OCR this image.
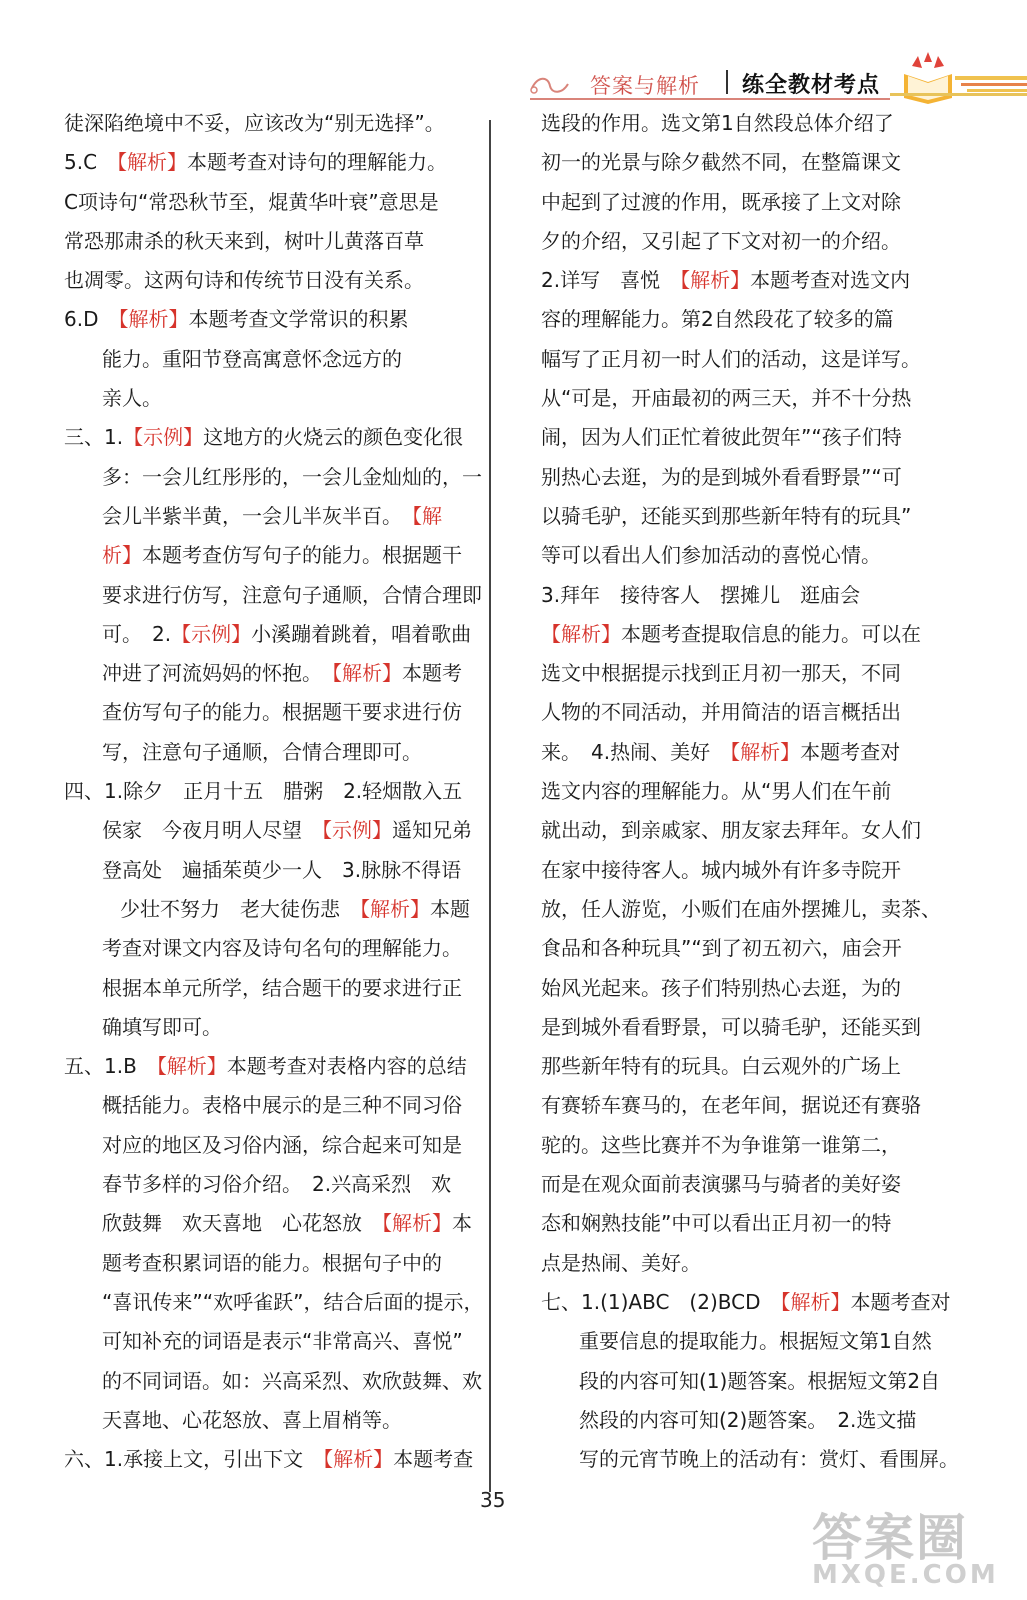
答案与解析 练全教材考点
徒深陷绝境中不妥，应该改为“别无选择”。
5.C　【解析】本题考查对诗句的理解能力。
C项诗句“常恐秋节至，焜黄华叶衰”意思是
常恐那肃杀的秋天来到，树叶儿黄落百草
也凋零。这两句诗和传统节日没有关系。
6.D　【解析】本题考查文学常识的积累
能力。重阳节登高寓意怀念远方的
亲人。
三、1.【示例】这地方的火烧云的颜色变化很
多：一会儿红彤彤的，一会儿金灿灿的，一
会儿半紫半黄，一会儿半灰半百。　【解
析】本题考查仿写句子的能力。根据题干
要求进行仿写，注意句子通顺，合情合理即
可。　2.【示例】小溪蹦着跳着，唱着歌曲
冲进了河流妈妈的怀抱。　【解析】本题考
查仿写句子的能力。根据题干要求进行仿
写，注意句子通顺，合情合理即可。
四、1.除夕　正月十五　腊粥　2.轻烟散入五
侯家　今夜月明人尽望　【示例】遥知兄弟
登高处　遍插茱萸少一人　3.脉脉不得语
少壮不努力　老大徒伤悲　【解析】本题
考查对课文内容及诗句名句的理解能力。
根据本单元所学，结合题干的要求进行正
确填写即可。
五、1.B　【解析】本题考查对表格内容的总结
概括能力。表格中展示的是三种不同习俗
对应的地区及习俗内涵，综合起来可知是
春节多样的习俗介绍。　2.兴高采烈　欢
欣鼓舞　欢天喜地　心花怒放　【解析】本
题考查积累词语的能力。根据句子中的
“喜讯传来”“欢呼雀跃”，结合后面的提示，
可知补充的词语是表示“非常高兴、喜悦”
的不同词语。如：兴高采烈、欢欣鼓舞、欢
天喜地、心花怒放、喜上眉梢等。
六、1.承接上文，引出下文　【解析】本题考查
选段的作用。选文第1自然段总体介绍了
初一的光景与除夕截然不同，在整篇课文
中起到了过渡的作用，既承接了上文对除
夕的介绍，又引起了下文对初一的介绍。
2.详写　喜悦　【解析】本题考查对选文内
容的理解能力。第2自然段花了较多的篇
幅写了正月初一时人们的活动，这是详写。
从“可是，开庙最初的两三天，并不十分热
闹，因为人们正忙着彼此贺年”“孩子们特
别热心去逛，为的是到城外看看野景”“可
以骑毛驴，还能买到那些新年特有的玩具”
等可以看出人们参加活动的喜悦心情。
3.拜年　接待客人　摆摊儿　逛庙会
【解析】本题考查提取信息的能力。可以在
选文中根据提示找到正月初一那天，不同
人物的不同活动，并用简洁的语言概括出
来。　4.热闹、美好　【解析】本题考查对
选文内容的理解能力。从“男人们在午前
就出动，到亲戚家、朋友家去拜年。女人们
在家中接待客人。城内城外有许多寺院开
放，任人游览，小贩们在庙外摆摊儿，卖茶、
食品和各种玩具”“到了初五初六，庙会开
始风光起来。孩子们特别热心去逛，为的
是到城外看看野景，可以骑毛驴，还能买到
那些新年特有的玩具。白云观外的广场上
有赛轿车赛马的，在老年间，据说还有赛骆
驼的。这些比赛并不为争谁第一谁第二，
而是在观众面前表演骡马与骑者的美好姿
态和娴熟技能”中可以看出正月初一的特
点是热闹、美好。
七、1.(1)ABC　(2)BCD　【解析】本题考查对
重要信息的提取能力。根据短文第1自然
段的内容可知(1)题答案。根据短文第2自
然段的内容可知(2)题答案。　2.选文描
写的元宵节晚上的活动有：赏灯、看围屏。
35
答案圈
MXQE.COM
